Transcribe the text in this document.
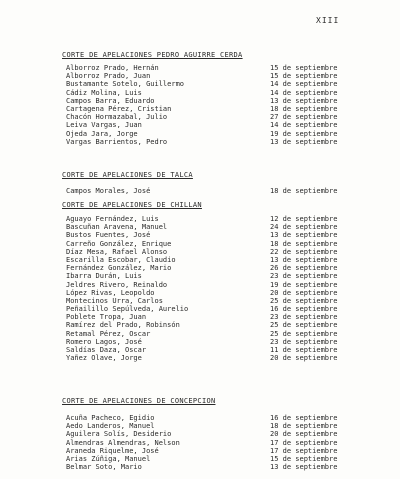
XIII
CORTE DE APELACIONES PEDRO AGUIRRE CERDA
Alborroz Prado, Hernán	15 de septiembre
Alborroz Prado, Juan	15 de septiembre
Bustamante Sotelo, Guillermo	14 de septiembre
Cádiz Molina, Luis	14 de septiembre
Campos Barra, Eduardo	13 de septiembre
Cartagena Pérez, Cristian	18 de septiembre
Chacón Hormazabal, Julio	27 de septiembre
Leiva Vargas, Juan	14 de septiembre
Ojeda Jara, Jorge	19 de septiembre
Vargas Barrientos, Pedro	13 de septiembre
CORTE DE APELACIONES DE TALCA
Campos Morales, José	18 de septiembre
CORTE DE APELACIONES DE CHILLAN
Aguayo Fernández, Luis	12 de septiembre
Bascuñan Aravena, Manuel	24 de septiembre
Bustos Fuentes, José	13 de septiembre
Carreño González, Enrique	18 de septiembre
Díaz Mesa, Rafael Alonso	22 de septiembre
Escarilla Escobar, Claudio	13 de septiembre
Fernández González, Mario	26 de septiembre
Ibarra Durán, Luis	23 de septiembre
Jeldres Rivero, Reinaldo	19 de septiembre
López Rivas, Leopoldo	20 de septiembre
Montecinos Urra, Carlos	25 de septiembre
Peñailillo Sepúlveda, Aurelio	16 de septiembre
Poblete Tropa, Juan	23 de septiembre
Ramírez del Prado, Robinsón	25 de septiembre
Retamal Pérez, Oscar	25 de septiembre
Romero Lagos, José	23 de septiembre
Saldías Daza, Oscar	11 de septiembre
Yañez Olave, Jorge	20 de septiembre
CORTE DE APELACIONES DE CONCEPCION
Acuña Pacheco, Egidio	16 de septiembre
Aedo Landeros, Manuel	18 de septiembre
Aguilera Solís, Desiderio	20 de septiembre
Almendras Almendras, Nelson	17 de septiembre
Araneda Riquelme, José	17 de septiembre
Arias Zúñiga, Manuel	15 de septiembre
Belmar Soto, Mario	13 de septiembre
